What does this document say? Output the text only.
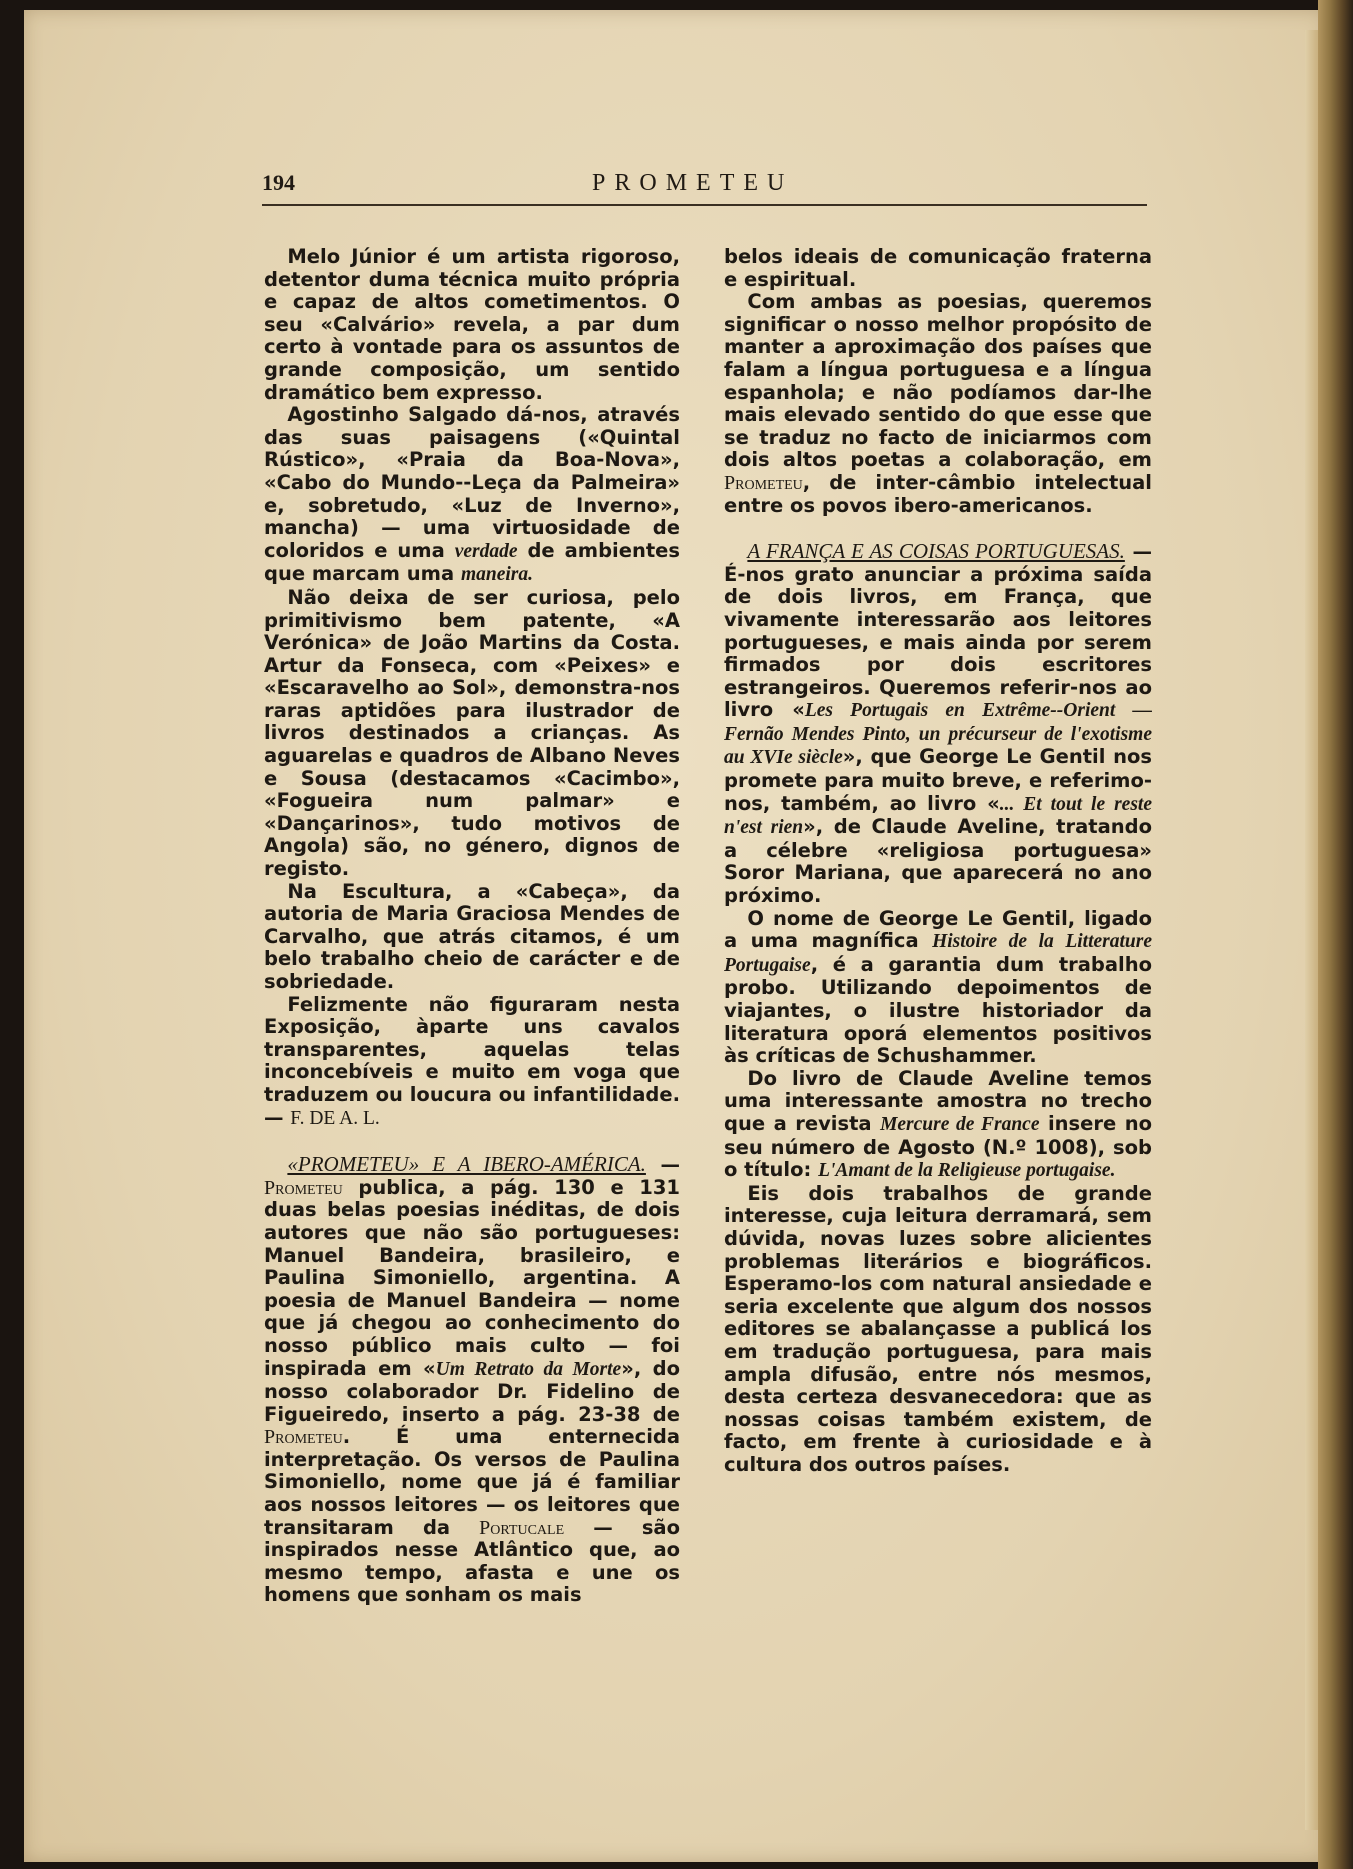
194	PROMETEU

Melo Júnior é um artista rigoroso, detentor duma técnica muito própria e capaz de altos cometimentos. O seu «Calvário» revela, a par dum certo à vontade para os assuntos de grande composição, um sentido dramático bem expresso.

Agostinho Salgado dá-nos, através das suas paisagens («Quintal Rústico», «Praia da Boa-Nova», «Cabo do Mundo--Leça da Palmeira» e, sobretudo, «Luz de Inverno», mancha) — uma virtuosidade de coloridos e uma verdade de ambientes que marcam uma maneira.

Não deixa de ser curiosa, pelo primitivismo bem patente, «A Verónica» de João Martins da Costa. Artur da Fonseca, com «Peixes» e «Escaravelho ao Sol», demonstra-nos raras aptidões para ilustrador de livros destinados a crianças. As aguarelas e quadros de Albano Neves e Sousa (destacamos «Cacimbo», «Fogueira num palmar» e «Dançarinos», tudo motivos de Angola) são, no género, dignos de registo.

Na Escultura, a «Cabeça», da autoria de Maria Graciosa Mendes de Carvalho, que atrás citamos, é um belo trabalho cheio de carácter e de sobriedade.

Felizmente não figuraram nesta Exposição, àparte uns cavalos transparentes, aquelas telas inconcebíveis e muito em voga que traduzem ou loucura ou infantilidade. — F. DE A. L.

«PROMETEU» E A IBERO-AMÉRICA. — Prometeu publica, a pág. 130 e 131 duas belas poesias inéditas, de dois autores que não são portugueses: Manuel Bandeira, brasileiro, e Paulina Simoniello, argentina. A poesia de Manuel Bandeira — nome que já chegou ao conhecimento do nosso público mais culto — foi inspirada em «Um Retrato da Morte», do nosso colaborador Dr. Fidelino de Figueiredo, inserto a pág. 23-38 de Prometeu. É uma enternecida interpretação. Os versos de Paulina Simoniello, nome que já é familiar aos nossos leitores — os leitores que transitaram da Portucale — são inspirados nesse Atlântico que, ao mesmo tempo, afasta e une os homens que sonham os mais

belos ideais de comunicação fraterna e espiritual.

Com ambas as poesias, queremos significar o nosso melhor propósito de manter a aproximação dos países que falam a língua portuguesa e a língua espanhola; e não podíamos dar-lhe mais elevado sentido do que esse que se traduz no facto de iniciarmos com dois altos poetas a colaboração, em Prometeu, de inter-câmbio intelectual entre os povos ibero-americanos.

A FRANÇA E AS COISAS PORTUGUESAS. — É-nos grato anunciar a próxima saída de dois livros, em França, que vivamente interessarão aos leitores portugueses, e mais ainda por serem firmados por dois escritores estrangeiros. Queremos referir-nos ao livro «Les Portugais en Extrême--Orient — Fernão Mendes Pinto, un précurseur de l'exotisme au XVIe siècle», que George Le Gentil nos promete para muito breve, e referimo-nos, também, ao livro «... Et tout le reste n'est rien», de Claude Aveline, tratando a célebre «religiosa portuguesa» Soror Mariana, que aparecerá no ano próximo.

O nome de George Le Gentil, ligado a uma magnífica Histoire de la Litterature Portugaise, é a garantia dum trabalho probo. Utilizando depoimentos de viajantes, o ilustre historiador da literatura oporá elementos positivos às críticas de Schushammer.

Do livro de Claude Aveline temos uma interessante amostra no trecho que a revista Mercure de France insere no seu número de Agosto (N.º 1008), sob o título: L'Amant de la Religieuse portugaise.

Eis dois trabalhos de grande interesse, cuja leitura derramará, sem dúvida, novas luzes sobre alicientes problemas literários e biográficos. Esperamo-los com natural ansiedade e seria excelente que algum dos nossos editores se abalançasse a publicá los em tradução portuguesa, para mais ampla difusão, entre nós mesmos, desta certeza desvanecedora: que as nossas coisas também existem, de facto, em frente à curiosidade e à cultura dos outros países.
